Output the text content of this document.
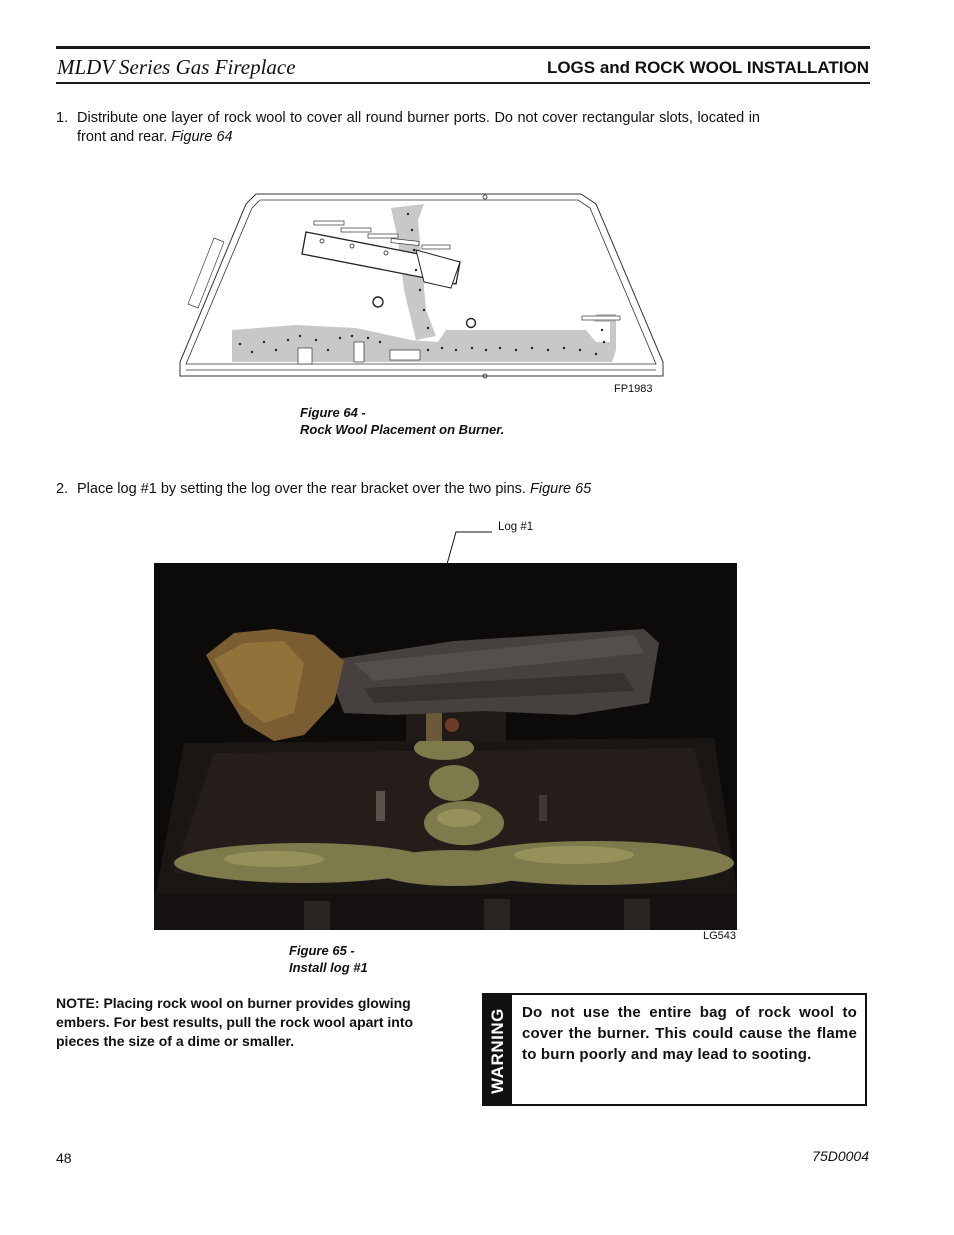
MLDV Series Gas Fireplace	LOGS and ROCK WOOL INSTALLATION
1. Distribute one layer of rock wool to cover all round burner ports. Do not cover rectangular slots, located in front and rear. Figure 64
FP1983
Figure 64 -
Rock Wool Placement on Burner.
2. Place log #1 by setting the log over the rear bracket over the two pins. Figure 65
Log #1
LG543
Figure 65 -
Install log #1
NOTE: Placing rock wool on burner provides glowing embers. For best results, pull the rock wool apart into pieces the size of a dime or smaller.	WARNING Do not use the entire bag of rock wool to cover the burner. This could cause the flame to burn poorly and may lead to sooting.
48	75D0004
